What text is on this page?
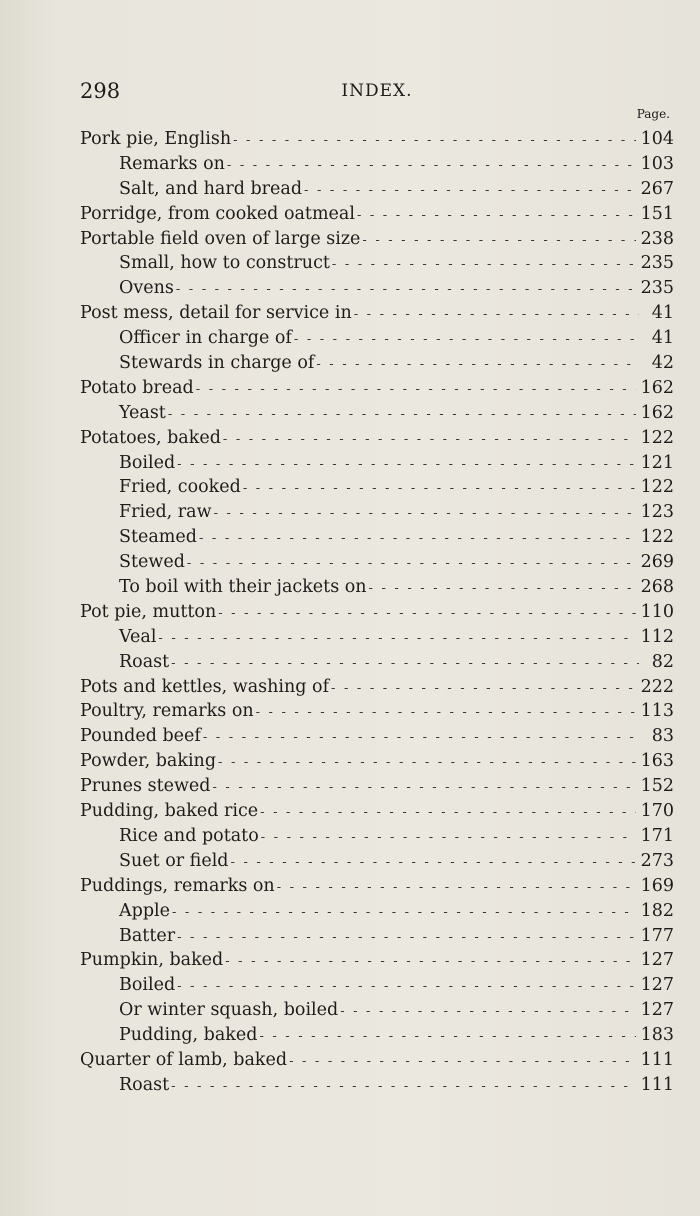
298	INDEX.
Page.
Pork pie, English - - -	104
Remarks on - - -	103
Salt, and hard bread - - -	267
Porridge, from cooked oatmeal - - -	151
Portable field oven of large size - - -	238
Small, how to construct - - -	235
Ovens - - -	235
Post mess, detail for service in - - -	41
Officer in charge of - - -	41
Stewards in charge of - - -	42
Potato bread - - -	162
Yeast - - -	162
Potatoes, baked - - -	122
Boiled - - -	121
Fried, cooked - - -	122
Fried, raw - - -	123
Steamed - - -	122
Stewed - - -	269
To boil with their jackets on - - -	268
Pot pie, mutton - - -	110
Veal - - -	112
Roast - - -	82
Pots and kettles, washing of - - -	222
Poultry, remarks on - - -	113
Pounded beef - - -	83
Powder, baking - - -	163
Prunes stewed - - -	152
Pudding, baked rice - - -	170
Rice and potato - - -	171
Suet or field - - -	273
Puddings, remarks on - - -	169
Apple - - -	182
Batter - - -	177
Pumpkin, baked - - -	127
Boiled - - -	127
Or winter squash, boiled - - -	127
Pudding, baked - - -	183
Quarter of lamb, baked - - -	111
Roast - - -	111
